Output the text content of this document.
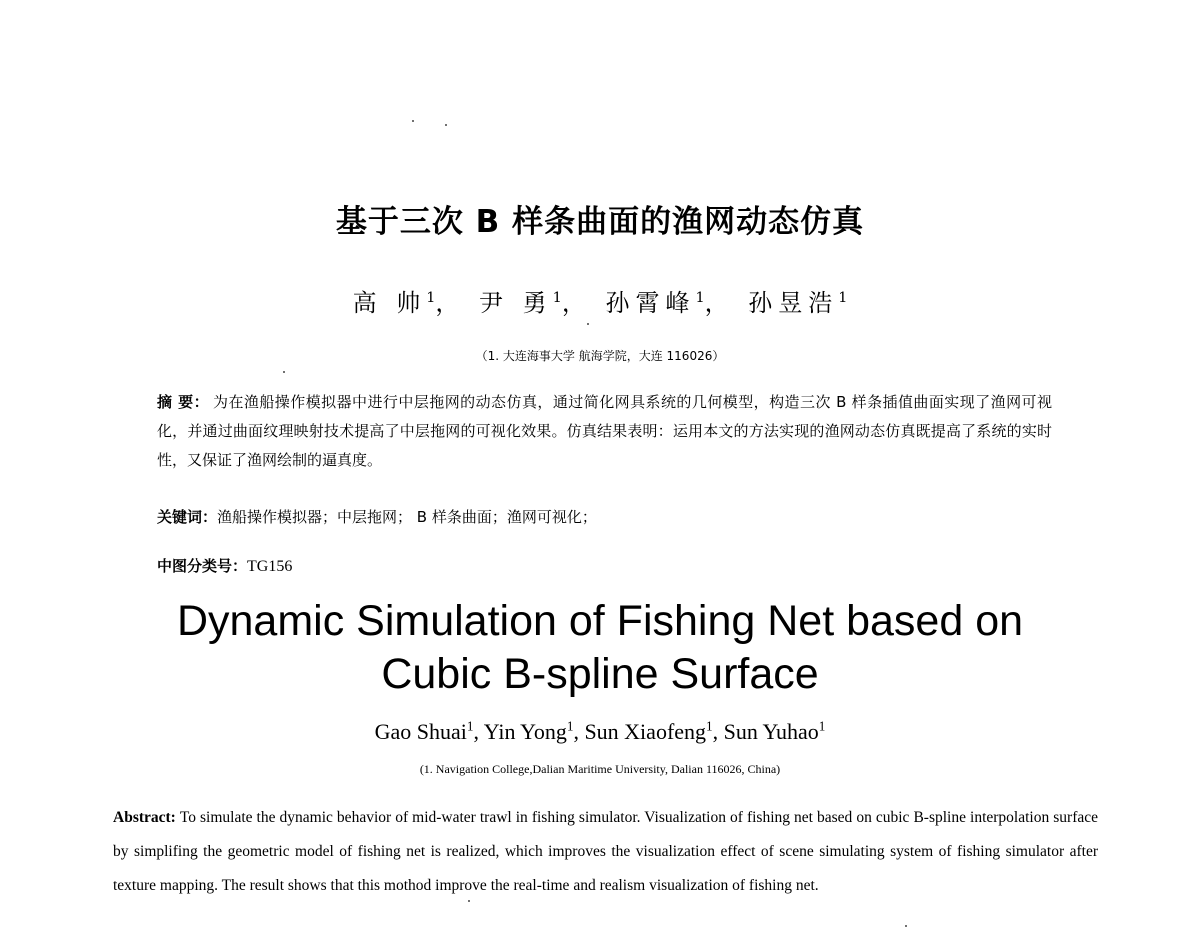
基于三次 B 样条曲面的渔网动态仿真
高 帅$^1$， 尹 勇$^1$， 孙霄峰$^1$， 孙昱浩$^1$
（1. 大连海事大学 航海学院，大连 116026）
摘 要： 为在渔船操作模拟器中进行中层拖网的动态仿真，通过简化网具系统的几何模型，构造三次 B 样条插值曲面实现了渔网可视化，并通过曲面纹理映射技术提高了中层拖网的可视化效果。仿真结果表明：运用本文的方法实现的渔网动态仿真既提高了系统的实时性，又保证了渔网绘制的逼真度。
关键词：渔船操作模拟器；中层拖网； B 样条曲面；渔网可视化；
中图分类号：TG156
Dynamic Simulation of Fishing Net based on
Cubic B-spline Surface
Gao Shuai$^1$, Yin Yong$^1$, Sun Xiaofeng$^1$, Sun Yuhao$^1$
(1. Navigation College,Dalian Maritime University, Dalian 116026, China)
Abstract: To simulate the dynamic behavior of mid-water trawl in fishing simulator. Visualization of fishing net based on cubic B-spline interpolation surface by simplifing the geometric model of fishing net is realized, which improves the visualization effect of scene simulating system of fishing simulator after texture mapping. The result shows that this mothod improve the real-time and realism visualization of fishing net.
